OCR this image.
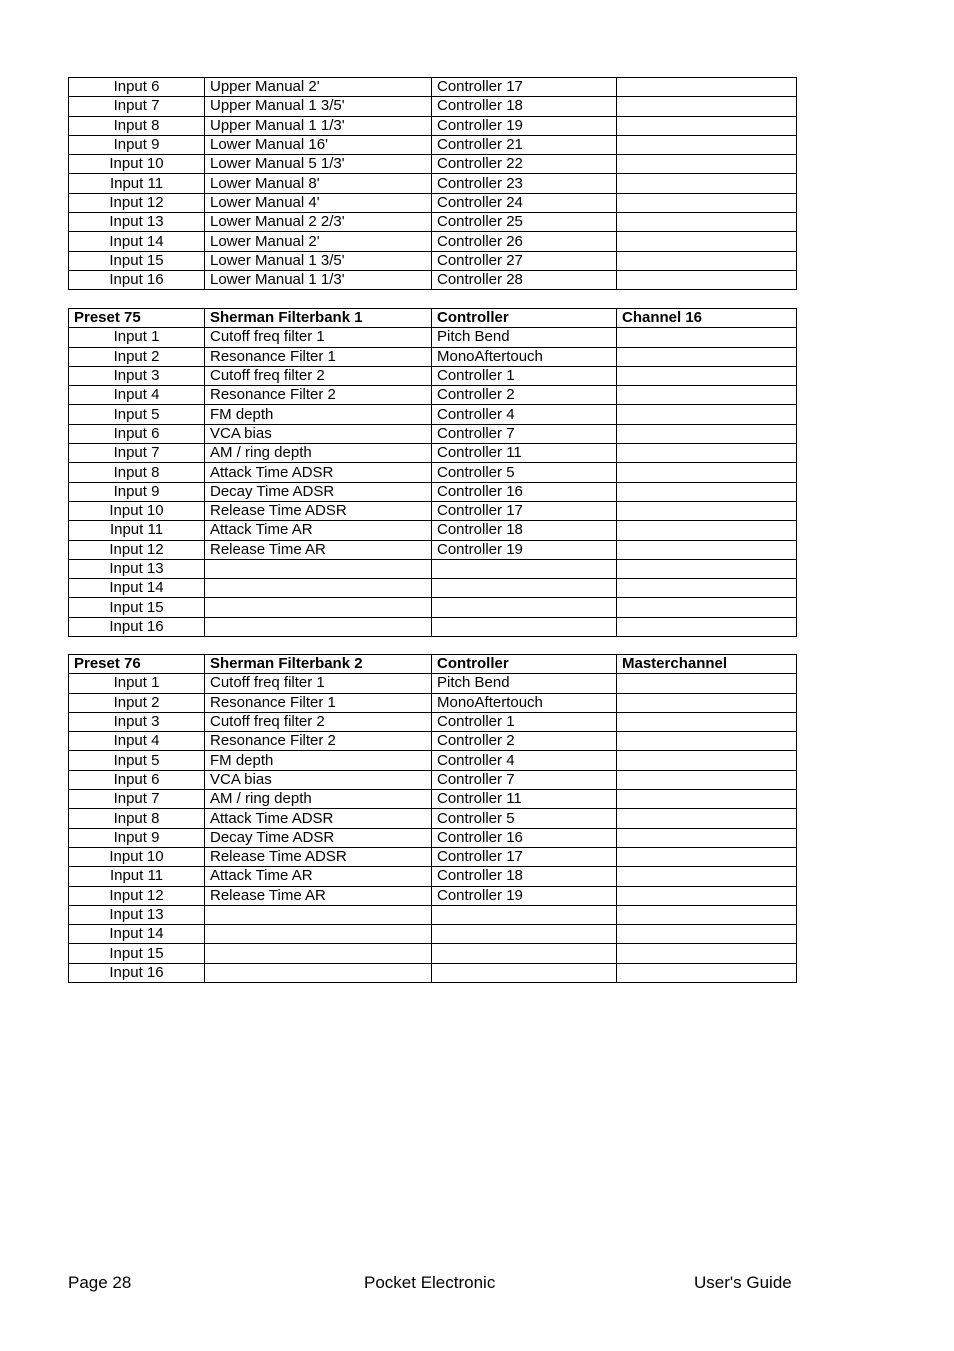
Input 6	Upper Manual 2'	Controller 17	
Input 7	Upper Manual 1 3/5'	Controller 18	
Input 8	Upper Manual 1 1/3'	Controller 19	
Input 9	Lower Manual 16'	Controller 21	
Input 10	Lower Manual 5 1/3'	Controller 22	
Input 11	Lower Manual 8'	Controller 23	
Input 12	Lower Manual 4'	Controller 24	
Input 13	Lower Manual 2 2/3'	Controller 25	
Input 14	Lower Manual 2'	Controller 26	
Input 15	Lower Manual 1 3/5'	Controller 27	
Input 16	Lower Manual 1 1/3'	Controller 28	
Preset 75	Sherman Filterbank 1	Controller	Channel 16
Input 1	Cutoff freq filter 1	Pitch Bend	
Input 2	Resonance Filter 1	MonoAftertouch	
Input 3	Cutoff freq filter 2	Controller 1	
Input 4	Resonance Filter 2	Controller 2	
Input 5	FM depth	Controller 4	
Input 6	VCA bias	Controller 7	
Input 7	AM / ring depth	Controller 11	
Input 8	Attack Time ADSR	Controller 5	
Input 9	Decay Time ADSR	Controller 16	
Input 10	Release Time ADSR	Controller 17	
Input 11	Attack Time AR	Controller 18	
Input 12	Release Time AR	Controller 19	
Input 13			
Input 14			
Input 15			
Input 16			
Preset 76	Sherman Filterbank 2	Controller	Masterchannel
Input 1	Cutoff freq filter 1	Pitch Bend	
Input 2	Resonance Filter 1	MonoAftertouch	
Input 3	Cutoff freq filter 2	Controller 1	
Input 4	Resonance Filter 2	Controller 2	
Input 5	FM depth	Controller 4	
Input 6	VCA bias	Controller 7	
Input 7	AM / ring depth	Controller 11	
Input 8	Attack Time ADSR	Controller 5	
Input 9	Decay Time ADSR	Controller 16	
Input 10	Release Time ADSR	Controller 17	
Input 11	Attack Time AR	Controller 18	
Input 12	Release Time AR	Controller 19	
Input 13			
Input 14			
Input 15			
Input 16			
Page 28	Pocket Electronic	User's Guide
